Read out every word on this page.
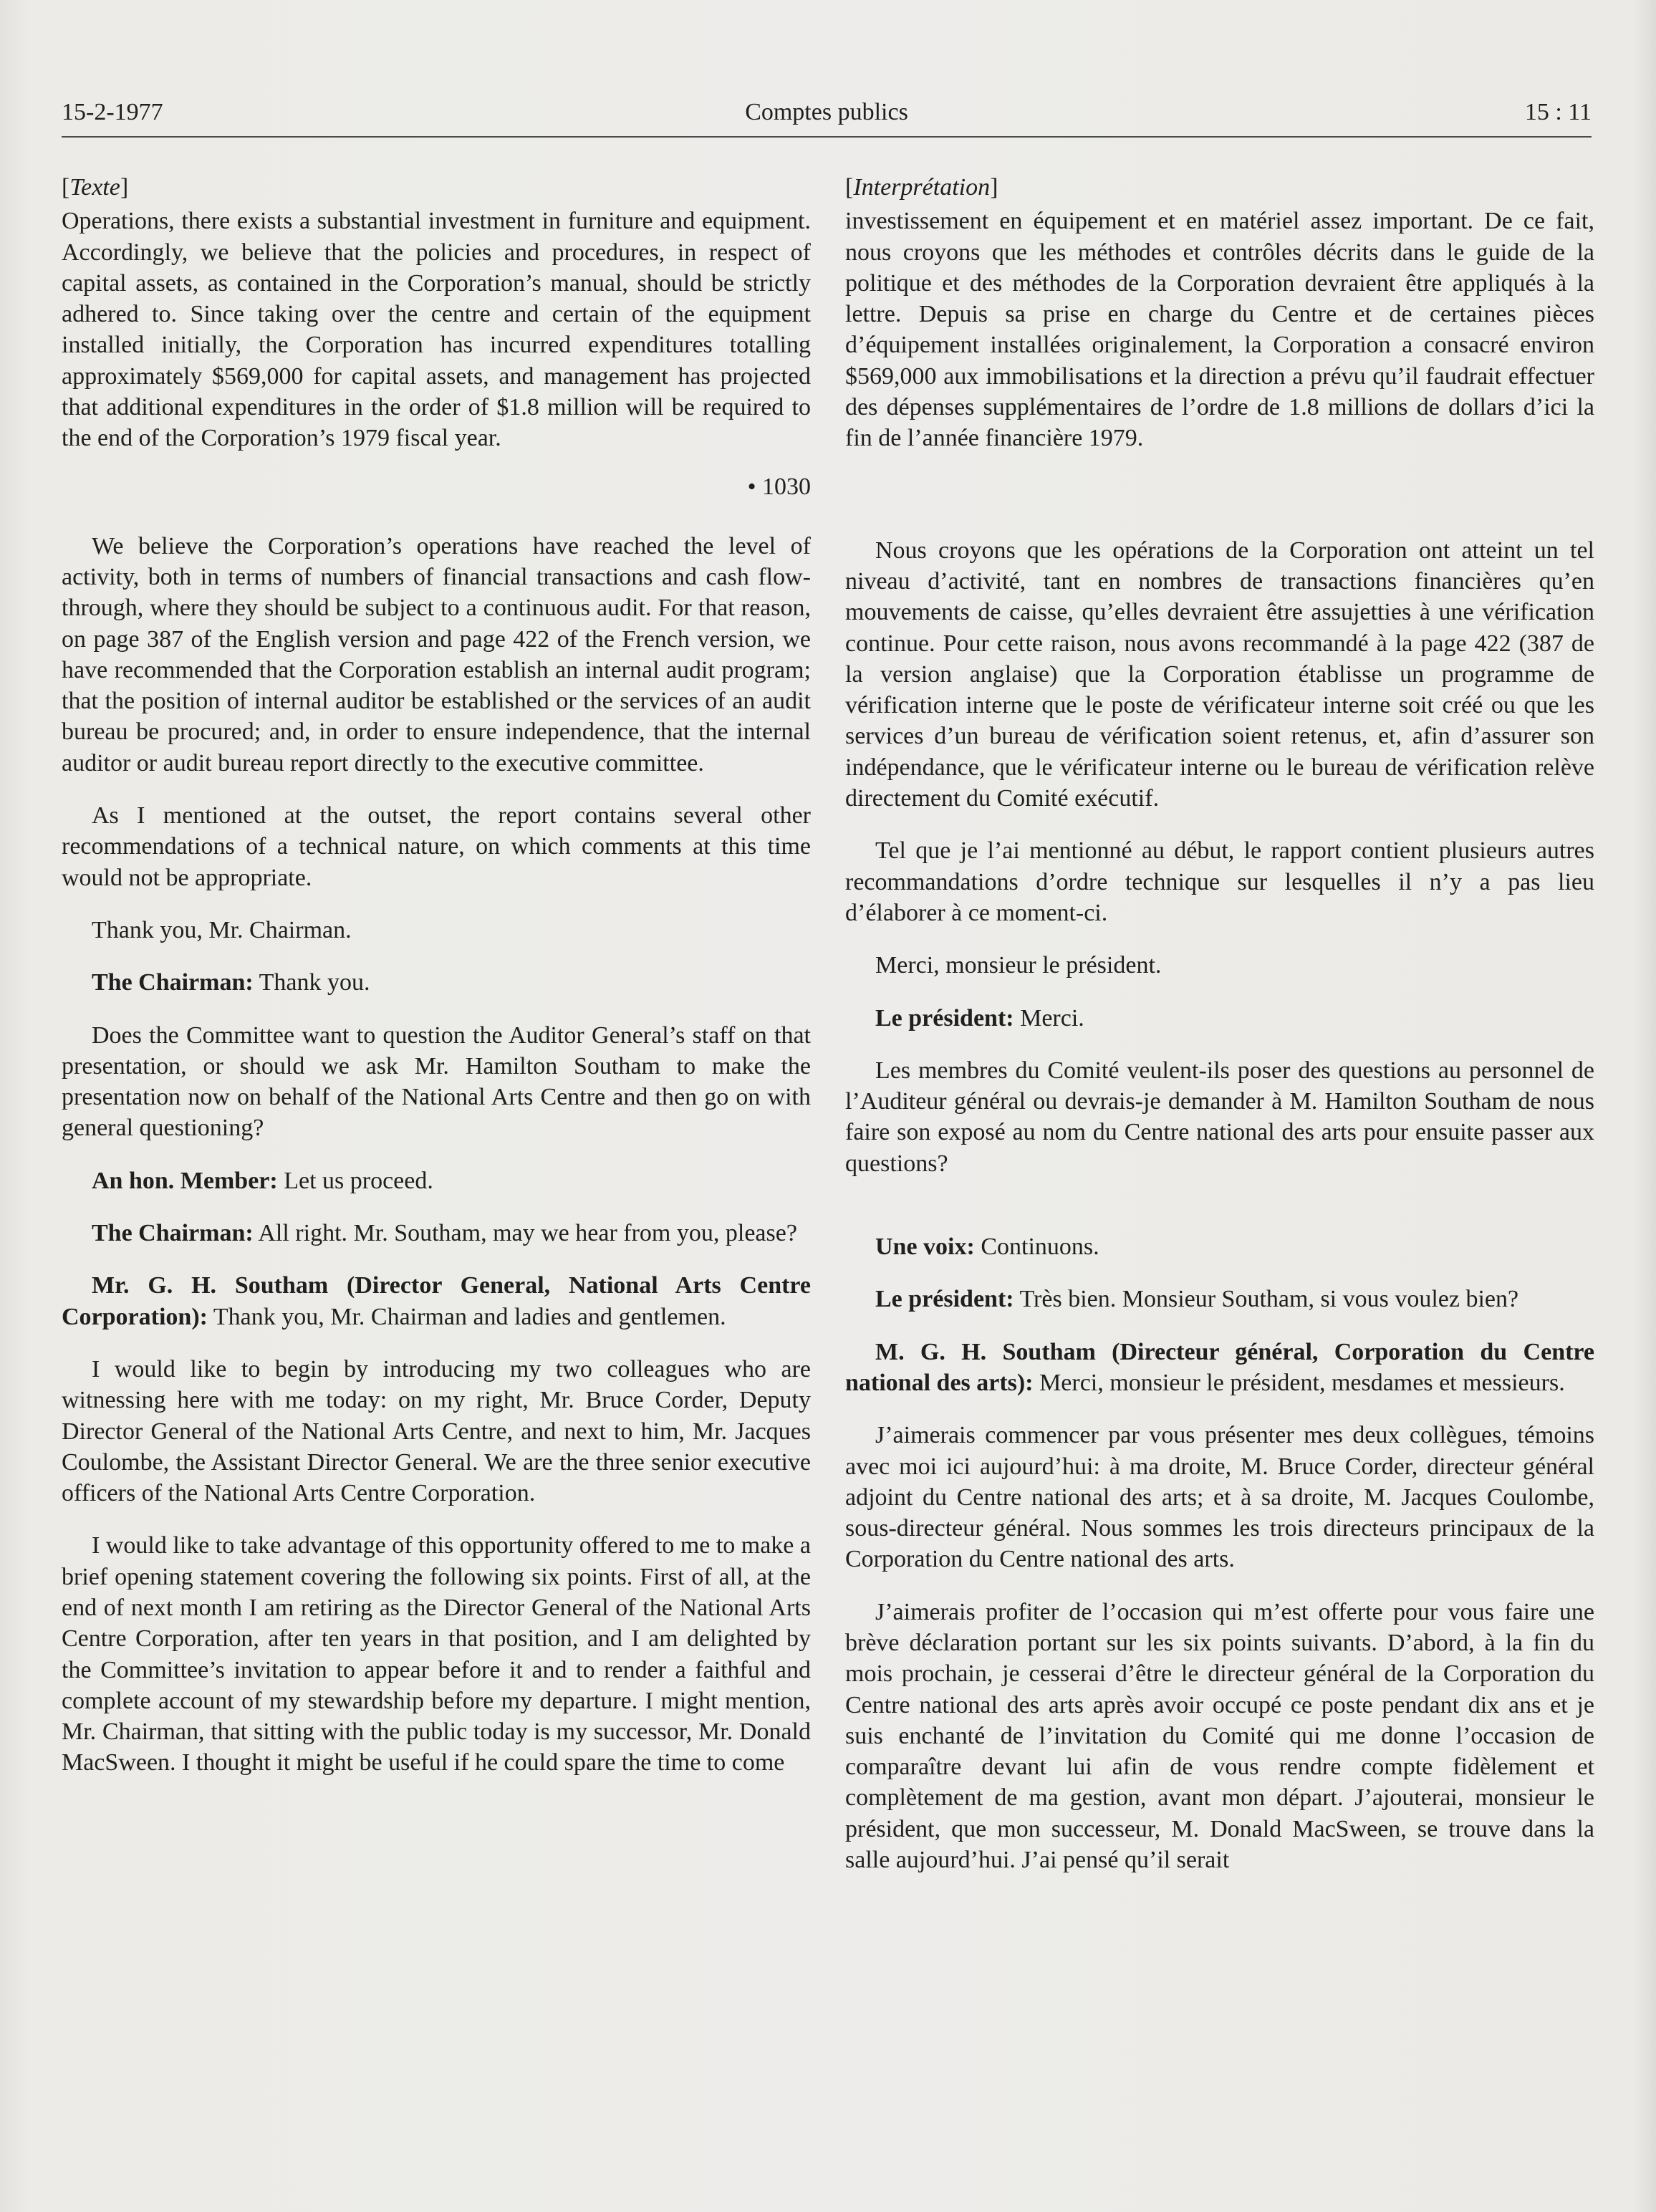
15-2-1977	Comptes publics	15 : 11

[Texte]

Operations, there exists a substantial investment in furniture and equipment. Accordingly, we believe that the policies and procedures, in respect of capital assets, as contained in the Corporation’s manual, should be strictly adhered to. Since taking over the centre and certain of the equipment installed initially, the Corporation has incurred expenditures totalling approximately $569,000 for capital assets, and management has projected that additional expenditures in the order of $1.8 million will be required to the end of the Corporation’s 1979 fiscal year.

• 1030

We believe the Corporation’s operations have reached the level of activity, both in terms of numbers of financial transactions and cash flow-through, where they should be subject to a continuous audit. For that reason, on page 387 of the English version and page 422 of the French version, we have recommended that the Corporation establish an internal audit program; that the position of internal auditor be established or the services of an audit bureau be procured; and, in order to ensure independence, that the internal auditor or audit bureau report directly to the executive committee.

As I mentioned at the outset, the report contains several other recommendations of a technical nature, on which comments at this time would not be appropriate.

Thank you, Mr. Chairman.

The Chairman: Thank you.

Does the Committee want to question the Auditor General’s staff on that presentation, or should we ask Mr. Hamilton Southam to make the presentation now on behalf of the National Arts Centre and then go on with general questioning?

An hon. Member: Let us proceed.

The Chairman: All right. Mr. Southam, may we hear from you, please?

Mr. G. H. Southam (Director General, National Arts Centre Corporation): Thank you, Mr. Chairman and ladies and gentlemen.

I would like to begin by introducing my two colleagues who are witnessing here with me today: on my right, Mr. Bruce Corder, Deputy Director General of the National Arts Centre, and next to him, Mr. Jacques Coulombe, the Assistant Director General. We are the three senior executive officers of the National Arts Centre Corporation.

I would like to take advantage of this opportunity offered to me to make a brief opening statement covering the following six points. First of all, at the end of next month I am retiring as the Director General of the National Arts Centre Corporation, after ten years in that position, and I am delighted by the Committee’s invitation to appear before it and to render a faithful and complete account of my stewardship before my departure. I might mention, Mr. Chairman, that sitting with the public today is my successor, Mr. Donald MacSween. I thought it might be useful if he could spare the time to come

[Interprétation]

investissement en équipement et en matériel assez important. De ce fait, nous croyons que les méthodes et contrôles décrits dans le guide de la politique et des méthodes de la Corporation devraient être appliqués à la lettre. Depuis sa prise en charge du Centre et de certaines pièces d’équipement installées originalement, la Corporation a consacré environ $569,000 aux immobilisations et la direction a prévu qu’il faudrait effectuer des dépenses supplémentaires de l’ordre de 1.8 millions de dollars d’ici la fin de l’année financière 1979.

Nous croyons que les opérations de la Corporation ont atteint un tel niveau d’activité, tant en nombres de transactions financières qu’en mouvements de caisse, qu’elles devraient être assujetties à une vérification continue. Pour cette raison, nous avons recommandé à la page 422 (387 de la version anglaise) que la Corporation établisse un programme de vérification interne que le poste de vérificateur interne soit créé ou que les services d’un bureau de vérification soient retenus, et, afin d’assurer son indépendance, que le vérificateur interne ou le bureau de vérification relève directement du Comité exécutif.

Tel que je l’ai mentionné au début, le rapport contient plusieurs autres recommandations d’ordre technique sur lesquelles il n’y a pas lieu d’élaborer à ce moment-ci.

Merci, monsieur le président.

Le président: Merci.

Les membres du Comité veulent-ils poser des questions au personnel de l’Auditeur général ou devrais-je demander à M. Hamilton Southam de nous faire son exposé au nom du Centre national des arts pour ensuite passer aux questions?

Une voix: Continuons.

Le président: Très bien. Monsieur Southam, si vous voulez bien?

M. G. H. Southam (Directeur général, Corporation du Centre national des arts): Merci, monsieur le président, mesdames et messieurs.

J’aimerais commencer par vous présenter mes deux collègues, témoins avec moi ici aujourd’hui: à ma droite, M. Bruce Corder, directeur général adjoint du Centre national des arts; et à sa droite, M. Jacques Coulombe, sous-directeur général. Nous sommes les trois directeurs principaux de la Corporation du Centre national des arts.

J’aimerais profiter de l’occasion qui m’est offerte pour vous faire une brève déclaration portant sur les six points suivants. D’abord, à la fin du mois prochain, je cesserai d’être le directeur général de la Corporation du Centre national des arts après avoir occupé ce poste pendant dix ans et je suis enchanté de l’invitation du Comité qui me donne l’occasion de comparaître devant lui afin de vous rendre compte fidèlement et complètement de ma gestion, avant mon départ. J’ajouterai, monsieur le président, que mon successeur, M. Donald MacSween, se trouve dans la salle aujourd’hui. J’ai pensé qu’il serait
